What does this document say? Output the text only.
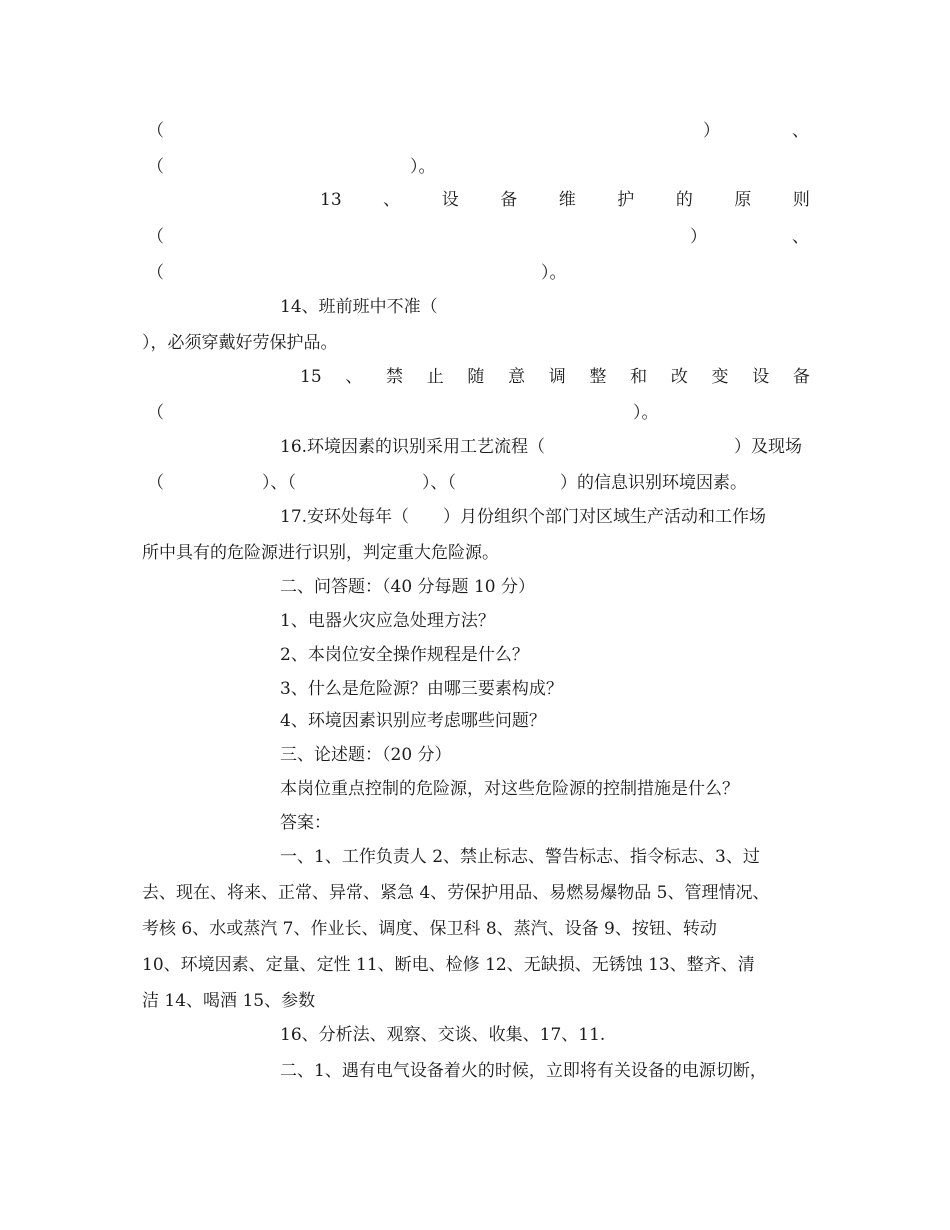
（	）	、
（	）。
13 、 设 备 维 护 的 原 则
（	）	、
（	）。
14、班前班中不准（
），必须穿戴好劳保护品。
15 、 禁 止 随 意 调 整 和 改 变 设 备
（	）。
16.环境因素的识别采用工艺流程（	）及现场
（	）、（	）、（	）的信息识别环境因素。
17.安环处每年（　　）月份组织个部门对区域生产活动和工作场
所中具有的危险源进行识别，判定重大危险源。
二、问答题：（40 分每题 10 分）
1、电器火灾应急处理方法？
2、本岗位安全操作规程是什么？
3、什么是危险源？由哪三要素构成？
4、环境因素识别应考虑哪些问题？
三、论述题：（20 分）
本岗位重点控制的危险源，对这些危险源的控制措施是什么？
答案：
一、1、工作负责人 2、禁止标志、警告标志、指令标志、3、过
去、现在、将来、正常、异常、紧急 4、劳保护用品、易燃易爆物品 5、管理情况、
考核 6、水或蒸汽 7、作业长、调度、保卫科 8、蒸汽、设备 9、按钮、转动
10、环境因素、定量、定性 11、断电、检修 12、无缺损、无锈蚀 13、整齐、清
洁 14、喝酒 15、参数
16、分析法、观察、交谈、收集、17、11.
二、1、遇有电气设备着火的时候，立即将有关设备的电源切断，
